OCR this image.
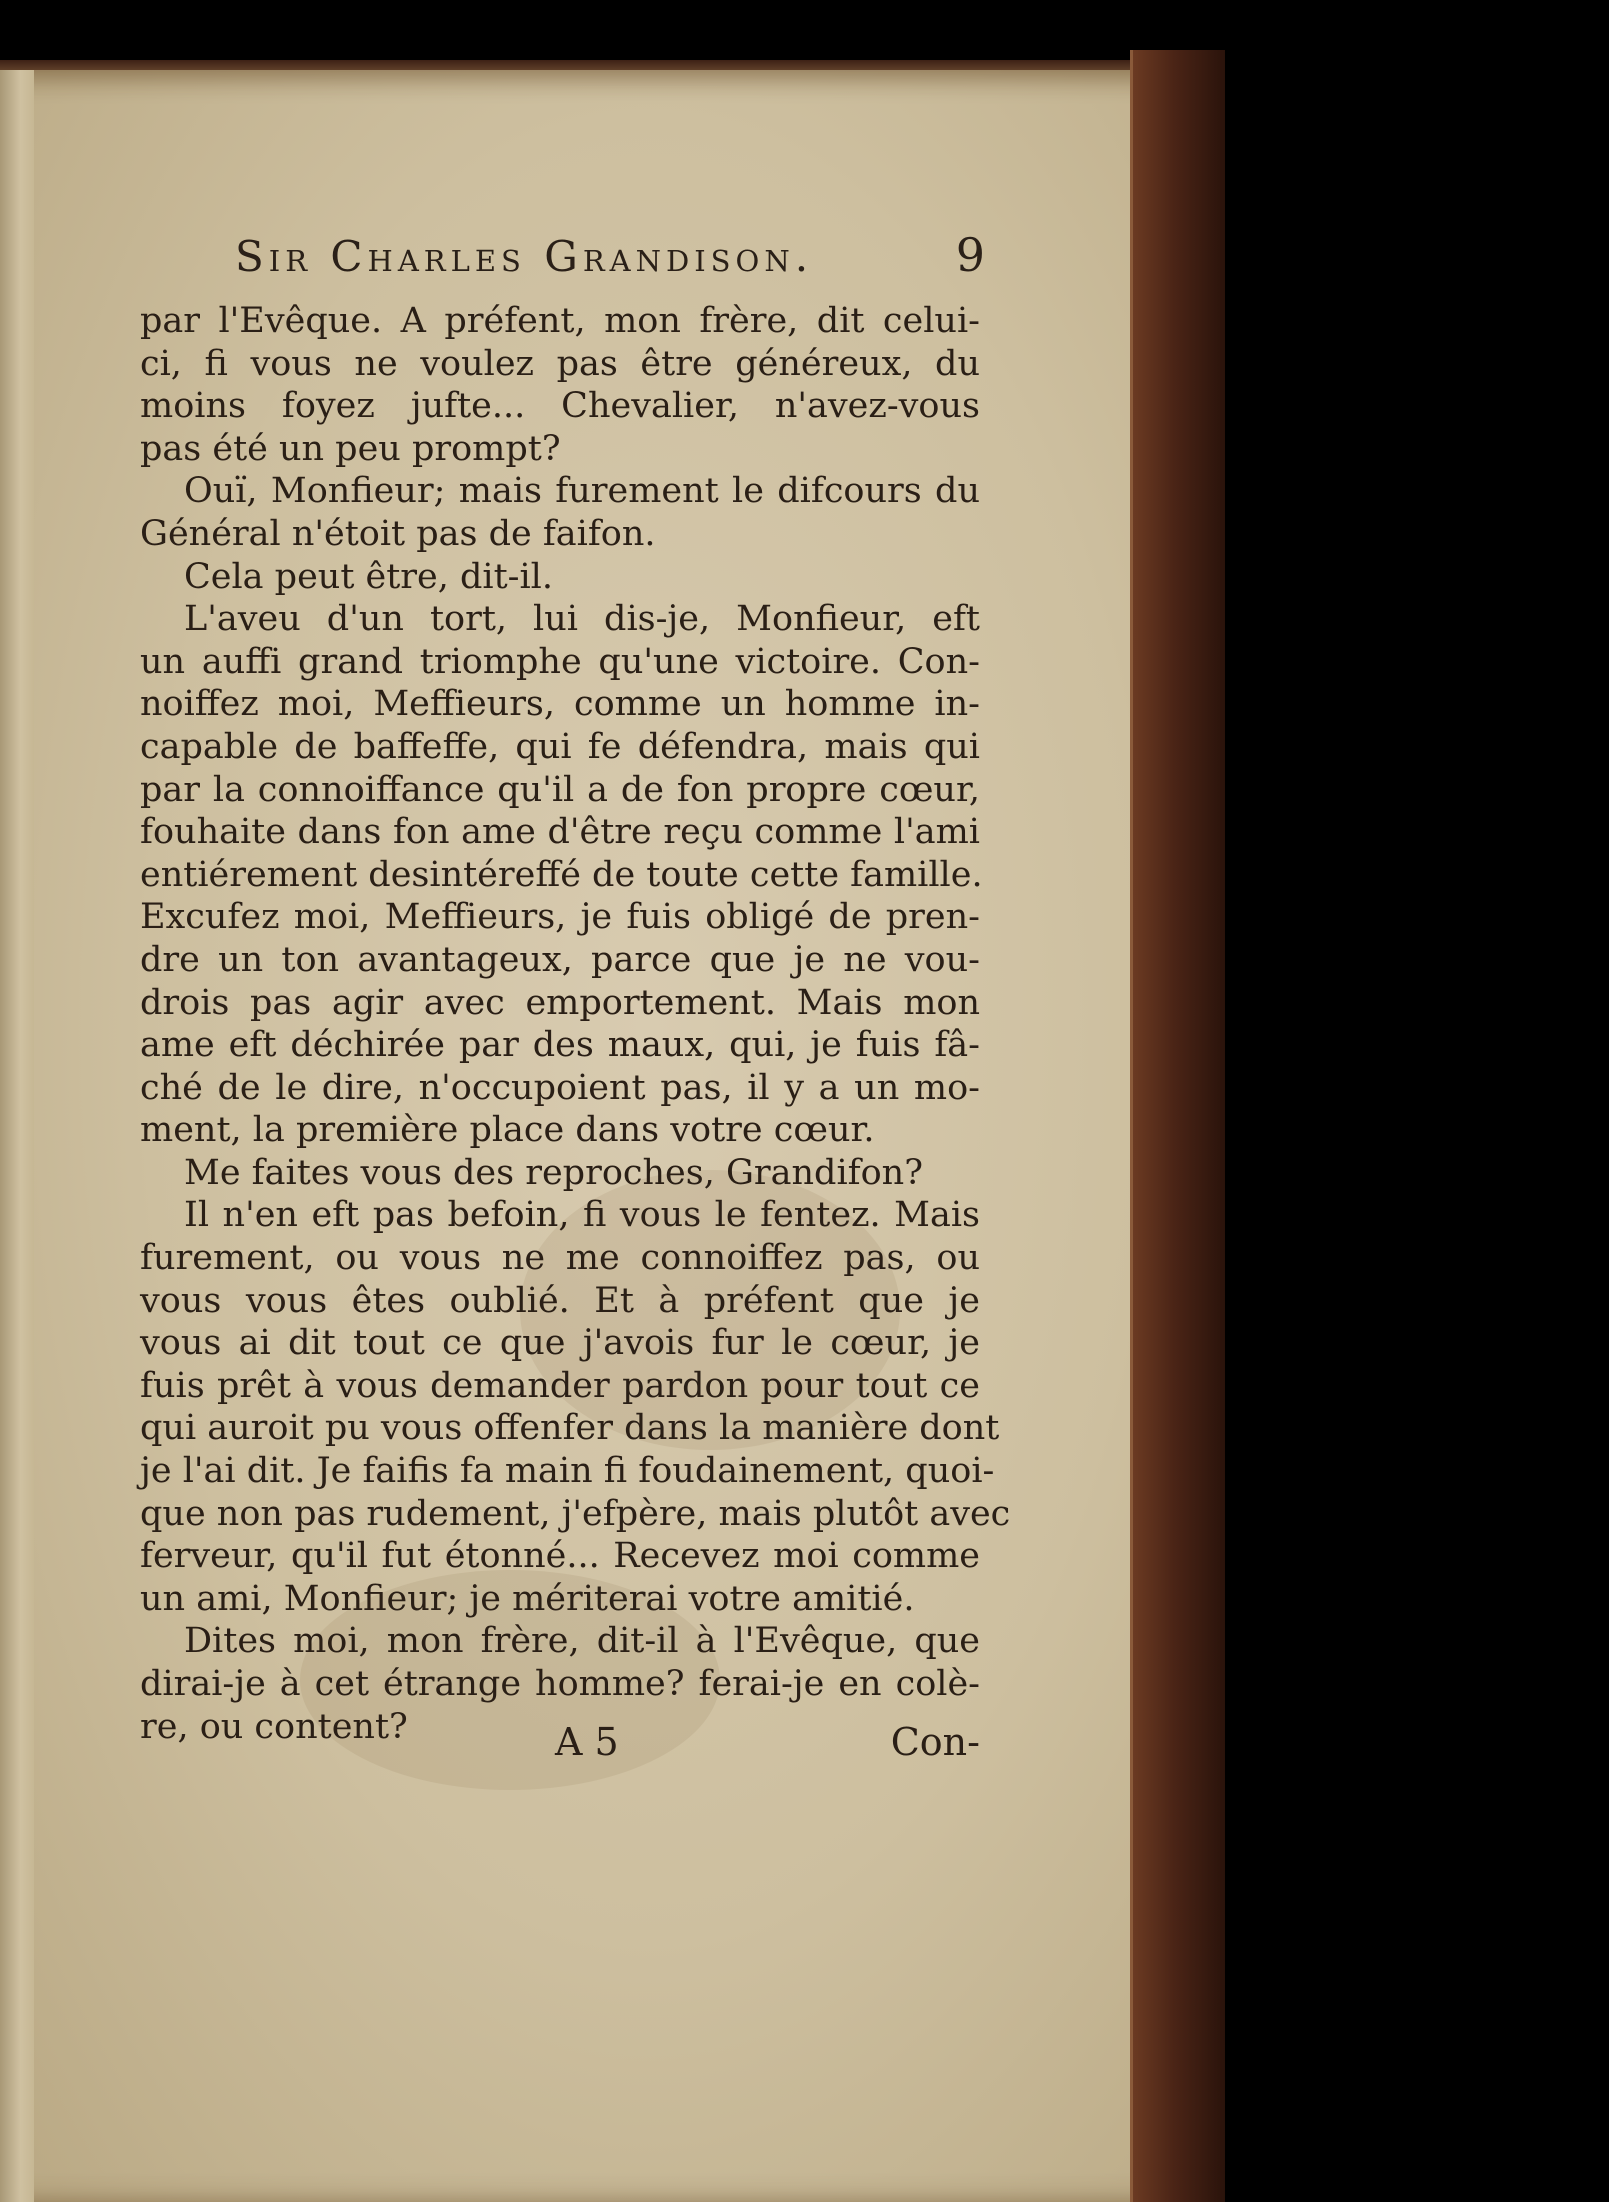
Sir Charles Grandison.	9
par l'Evêque. A préfent, mon frère, dit celui-
ci, fi vous ne voulez pas être généreux, du
moins foyez jufte... Chevalier, n'avez-vous
pas été un peu prompt?
Ouï, Monfieur; mais furement le difcours du
Général n'étoit pas de faifon.
Cela peut être, dit-il.
L'aveu d'un tort, lui dis-je, Monfieur, eft
un auffi grand triomphe qu'une victoire. Con-
noiffez moi, Meffieurs, comme un homme in-
capable de baffeffe, qui fe défendra, mais qui
par la connoiffance qu'il a de fon propre cœur,
fouhaite dans fon ame d'être reçu comme l'ami
entiérement desintéreffé de toute cette famille.
Excufez moi, Meffieurs, je fuis obligé de pren-
dre un ton avantageux, parce que je ne vou-
drois pas agir avec emportement. Mais mon
ame eft déchirée par des maux, qui, je fuis fâ-
ché de le dire, n'occupoient pas, il y a un mo-
ment, la première place dans votre cœur.
Me faites vous des reproches, Grandifon?
Il n'en eft pas befoin, fi vous le fentez. Mais
furement, ou vous ne me connoiffez pas, ou
vous vous êtes oublié. Et à préfent que je
vous ai dit tout ce que j'avois fur le cœur, je
fuis prêt à vous demander pardon pour tout ce
qui auroit pu vous offenfer dans la manière dont
je l'ai dit. Je faifis fa main fi foudainement, quoi-
que non pas rudement, j'efpère, mais plutôt avec
ferveur, qu'il fut étonné... Recevez moi comme
un ami, Monfieur; je mériterai votre amitié.
Dites moi, mon frère, dit-il à l'Evêque, que
dirai-je à cet étrange homme? ferai-je en colè-
re, ou content?	A 5	Con-
